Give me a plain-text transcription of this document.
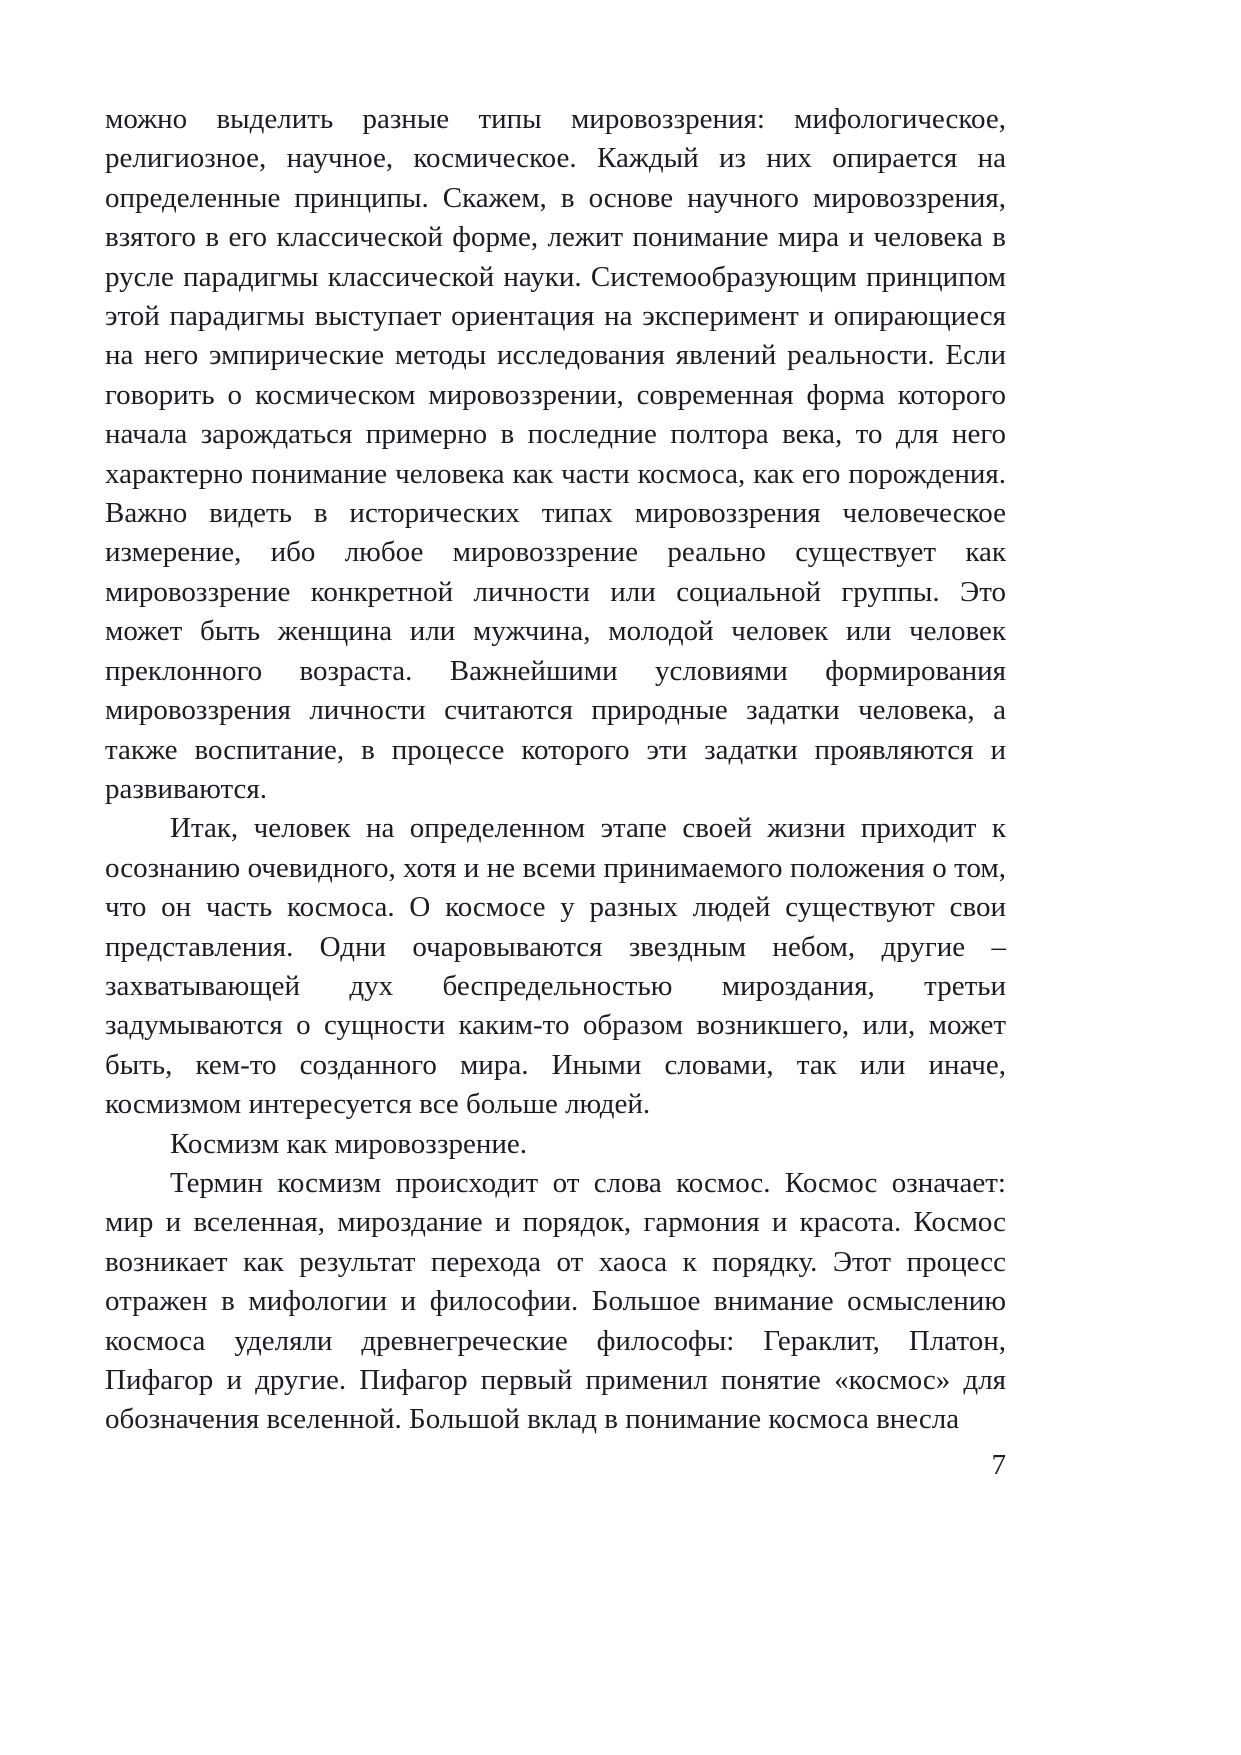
можно выделить разные типы мировоззрения: мифологическое, религиозное, научное, космическое. Каждый из них опирается на определенные принципы. Скажем, в основе научного мировоззрения, взятого в его классической форме, лежит понимание мира и человека в русле парадигмы классической науки. Системообразующим принципом этой парадигмы выступает ориентация на эксперимент и опирающиеся на него эмпирические методы исследования явлений реальности. Если говорить о космическом мировоззрении, современная форма которого начала зарождаться примерно в последние полтора века, то для него характерно понимание человека как части космоса, как его порождения. Важно видеть в исторических типах мировоззрения человеческое измерение, ибо любое мировоззрение реально существует как мировоззрение конкретной личности или социальной группы. Это может быть женщина или мужчина, молодой человек или человек преклонного возраста. Важнейшими условиями формирования мировоззрения личности считаются природные задатки человека, а также воспитание, в процессе которого эти задатки проявляются и развиваются.

Итак, человек на определенном этапе своей жизни приходит к осознанию очевидного, хотя и не всеми принимаемого положения о том, что он часть космоса. О космосе у разных людей существуют свои представления. Одни очаровываются звездным небом, другие – захватывающей дух беспредельностью мироздания, третьи задумываются о сущности каким-то образом возникшего, или, может быть, кем-то созданного мира. Иными словами, так или иначе, космизмом интересуется все больше людей.

Космизм как мировоззрение.

Термин космизм происходит от слова космос. Космос означает: мир и вселенная, мироздание и порядок, гармония и красота. Космос возникает как результат перехода от хаоса к порядку. Этот процесс отражен в мифологии и философии. Большое внимание осмыслению космоса уделяли древнегреческие философы: Гераклит, Платон, Пифагор и другие. Пифагор первый применил понятие «космос» для обозначения вселенной. Большой вклад в понимание космоса внесла

7
